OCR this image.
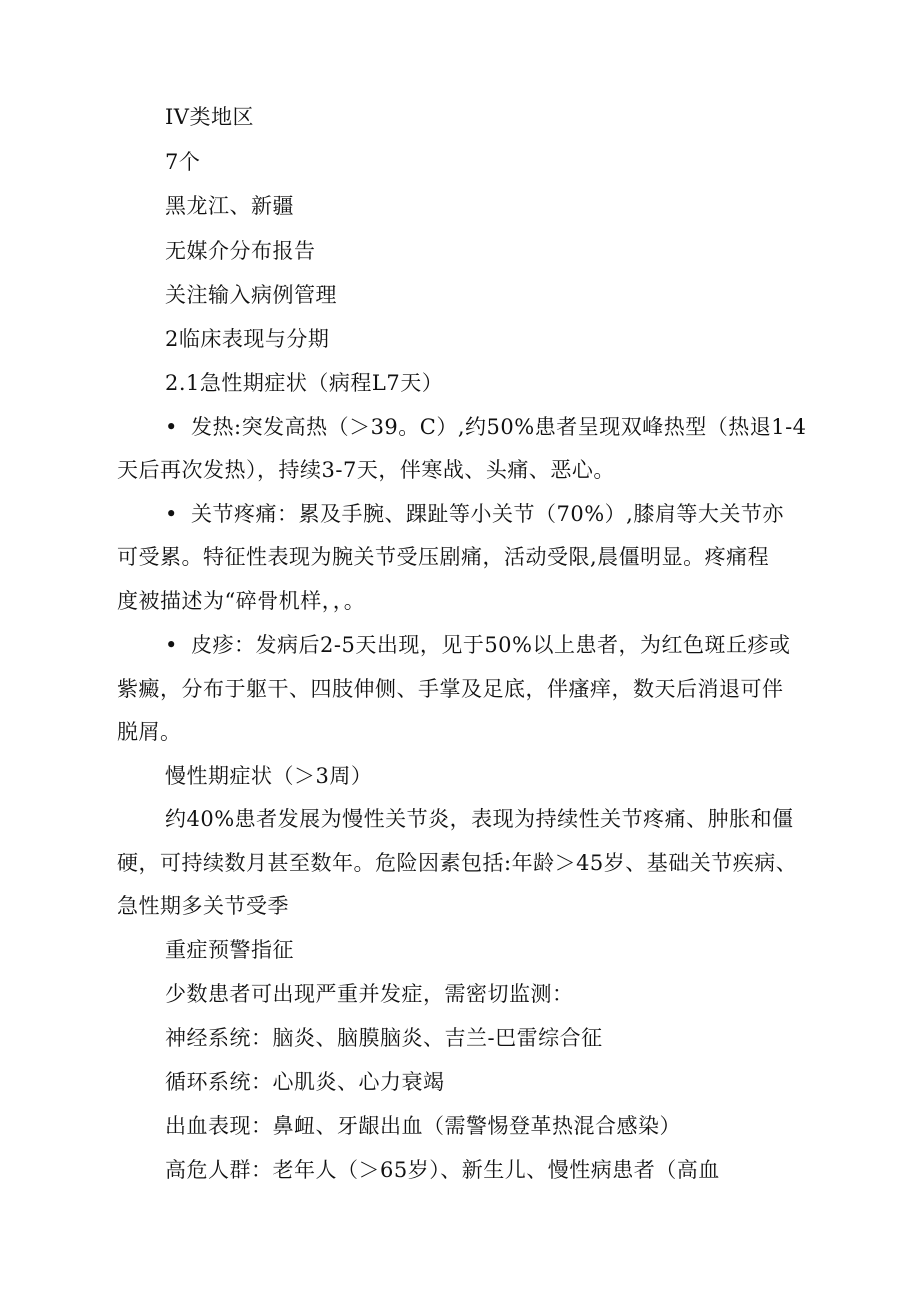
IV类地区
7个
黑龙江、新疆
无媒介分布报告
关注输入病例管理
2临床表现与分期
2.1急性期症状（病程L7天）
• 发热:突发高热（＞39。C）,约50%患者呈现双峰热型（热退1-4
天后再次发热），持续3-7天，伴寒战、头痛、恶心。
• 关节疼痛：累及手腕、踝趾等小关节（70%）,膝肩等大关节亦
可受累。特征性表现为腕关节受压剧痛，活动受限,晨僵明显。疼痛程
度被描述为“碎骨机样，，。
• 皮疹：发病后2-5天出现，见于50%以上患者，为红色斑丘疹或
紫癜，分布于躯干、四肢伸侧、手掌及足底，伴瘙痒，数天后消退可伴
脱屑。
慢性期症状（＞3周）
约40%患者发展为慢性关节炎，表现为持续性关节疼痛、肿胀和僵
硬，可持续数月甚至数年。危险因素包括:年龄＞45岁、基础关节疾病、
急性期多关节受季
重症预警指征
少数患者可出现严重并发症，需密切监测：
神经系统：脑炎、脑膜脑炎、吉兰-巴雷综合征
循环系统：心肌炎、心力衰竭
出血表现：鼻衄、牙龈出血（需警惕登革热混合感染）
高危人群：老年人（＞65岁）、新生儿、慢性病患者（高血
